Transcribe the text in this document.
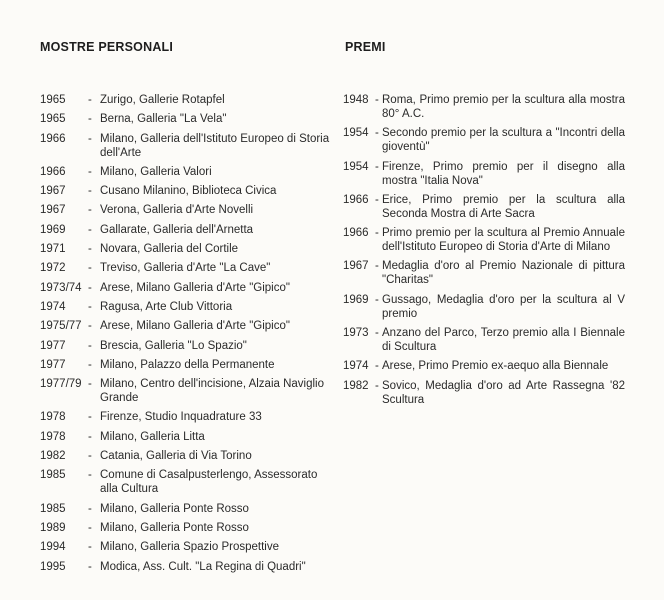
MOSTRE PERSONALI	PREMI
1965	- Zurigo, Gallerie Rotapfel
1965	- Berna, Galleria "La Vela"
1966	- Milano, Galleria dell'Istituto Europeo di Storia dell'Arte
1966	- Milano, Galleria Valori
1967	- Cusano Milanino, Biblioteca Civica
1967	- Verona, Galleria d'Arte Novelli
1969	- Gallarate, Galleria dell'Arnetta
1971	- Novara, Galleria del Cortile
1972	- Treviso, Galleria d'Arte "La Cave"
1973/74 - Arese, Milano Galleria d'Arte "Gipico"
1974	- Ragusa, Arte Club Vittoria
1975/77 - Arese, Milano Galleria d'Arte "Gipico"
1977	- Brescia, Galleria "Lo Spazio"
1977	- Milano, Palazzo della Permanente
1977/79 - Milano, Centro dell'incisione, Alzaia Naviglio Grande
1978	- Firenze, Studio Inquadrature 33
1978	- Milano, Galleria Litta
1982	- Catania, Galleria di Via Torino
1985	- Comune di Casalpusterlengo, Assessorato alla Cultura
1985	- Milano, Galleria Ponte Rosso
1989	- Milano, Galleria Ponte Rosso
1994	- Milano, Galleria Spazio Prospettive
1995	- Modica, Ass. Cult. "La Regina di Quadri"
1948 - Roma, Primo premio per la scultura alla mostra 80° A.C.
1954 - Secondo premio per la scultura a "Incontri della gioventù"
1954 - Firenze, Primo premio per il disegno alla mostra "Italia Nova"
1966 - Erice, Primo premio per la scultura alla Seconda Mostra di Arte Sacra
1966 - Primo premio per la scultura al Premio Annuale dell'Istituto Europeo di Storia d'Arte di Milano
1967 - Medaglia d'oro al Premio Nazionale di pittura "Charitas"
1969 - Gussago, Medaglia d'oro per la scultura al V premio
1973 - Anzano del Parco, Terzo premio alla I Biennale di Scultura
1974 - Arese, Primo Premio ex-aequo alla Biennale
1982 - Sovico, Medaglia d'oro ad Arte Rassegna '82 Scultura
